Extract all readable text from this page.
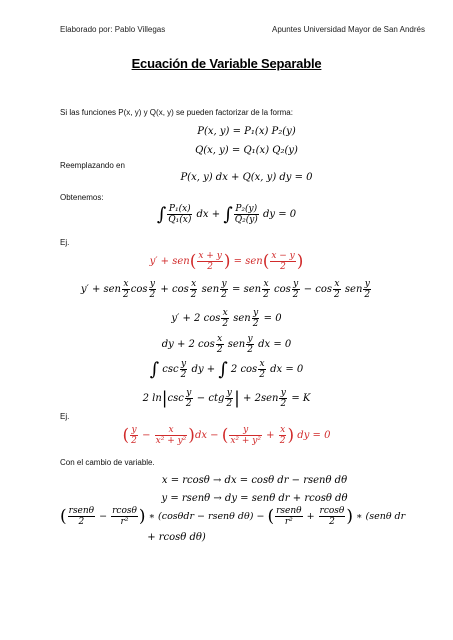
Elaborado por: Pablo Villegas	Apuntes Universidad Mayor de San Andrés
Ecuación de Variable Separable
Si las funciones P(x, y) y Q(x, y) se pueden factorizar de la forma:
P(x, y) = P₁(x) P₂(y)
Q(x, y) = Q₁(x) Q₂(y)
Reemplazando en
P(x, y) dx + Q(x, y) dy = 0
Obtenemos:
∫ $\frac{\text{P₁(x)}}{\text{Q₁(x)}}$ dx + ∫ $\frac{\text{P₂(y)}}{\text{Q₂(y)}}$ dy = 0
Ej.
$y' + sen( \frac{x + y}{2}$ ) = $sen( \frac{x - y}{2}$ )
y′ + sen $\frac{x}{2}$ $\cos \frac{y}{2} + \cos \frac{x}{2}$ sen $\frac{y}{2}$ = sen $\frac{x}{2}$ $\cos \frac{y}{2} - \cos \frac{x}{2}$ sen $\frac{y}{2}$
y′ + 2 $\cos \frac{x}{2}$ sen $\frac{y}{2} = 0$
dy + 2 $\cos \frac{x}{2}$ sen $\frac{y}{2}$ dx = 0
∫ $\csc \frac{y}{2}$ dy + ∫ 2 $\cos \frac{x}{2}$ dx = 0
2 $\ln|\csc \frac{y}{2}$ − ctg $\frac{y}{2}$ | + $2sen \frac{y}{2} = K$
Ej.
( $\frac{y}{2} - \frac{x}{\text{x² + y²}} )dx$ − ( $\frac{y}{\text{x² + y²}} + \frac{x}{2}$ ) dy = 0
Con el cambio de variable.
x = rcosθ → dx = cosθ dr − rsenθ dθ
y = rsenθ → dy = senθ dr + rcosθ dθ
( $\frac{\text{rsenθ}}{2} - \frac{rcos\theta}{\text{r²}}$ ) ∗ (cosθdr − rsenθ dθ) − ( $\frac{\text{rsenθ}}{\text{r²}} + \frac{rcos\theta}{2}$ ) ∗ (senθ dr
+ rcosθ dθ)
